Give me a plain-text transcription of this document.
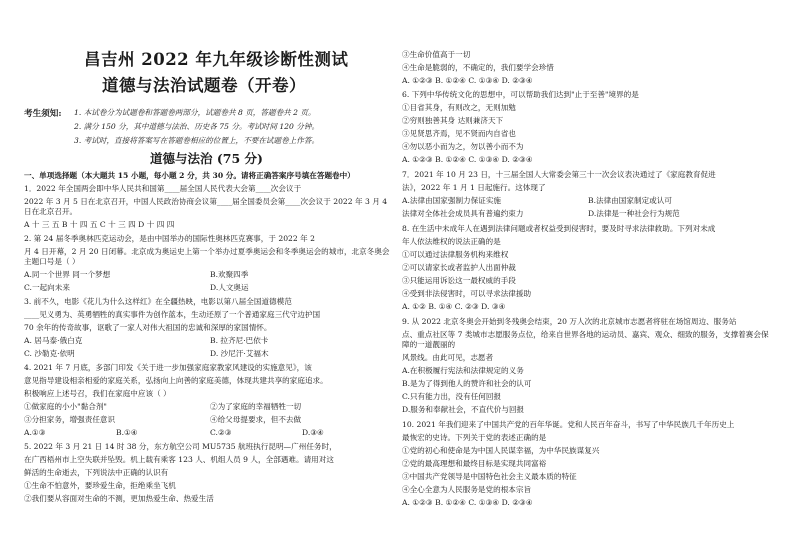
昌吉州 2022 年九年级诊断性测试
道德与法治试题卷（开卷）
考生须知: 1. 本试卷分为试题卷和答题卷两部分，试题卷共 8 页，答题卷共 2 页。
2. 满分 150 分，其中道德与法治、历史各 75 分。考试时间 120 分钟。
3. 考试时，直接将答案写在答题卷相应的位置上，不要在试题卷上作答。
道德与法治 (75 分)
一、单项选择题（本大题共 15 小题，每小题 2 分，共 30 分。请将正确答案序号填在答题卷中）
1．2022 年全国两会即中华人民共和国第____届全国人民代表大会第____次会议于
2022 年 3 月 5 日在北京召开，中国人民政治协商会议第____届全国委员会第____次会议于 2022 年 3 月 4 日在北京召开。
A 十 三 五 B 十 四 五 C 十 三 四 D 十 四 四
2. 第 24 届冬季奥林匹克运动会，是由中国举办的国际性奥林匹克赛事，于 2022 年 2
月 4 日开幕，2 月 20 日闭幕。北京成为奥运史上第一个举办过夏季奥运会和冬季奥运会的城市，北京冬奥会主题口号是（ ）
A.同一个世界 同一个梦想	B.欢聚四季
C.一起向未来	D.人文奥运
3. 前不久，电影《花儿为什么这样红》在全疆热映，电影以第八届全国道德模范
____见义勇为、英勇牺牲的真实事件为创作蓝本，生动还原了一个普通家庭三代守边护国
70 余年的传奇故事，讴歌了一家人对伟大祖国的忠诚和深厚的家国情怀。
A. 居马泰·俄白克	B. 拉齐尼·巴依卡
C. 沙勒克·依明	D. 沙尼汗·艾福木
4. 2021 年 7 月底，多部门印发《关于进一步加强家庭家教家风建设的实施意见》，该
意见指导建设相亲相爱的家庭关系，弘扬向上向善的家庭美德，体现共建共享的家庭追求。
积极响应上述号召，我们在家庭中应该（ ）
①做家庭的小小"黏合剂"	②为了家庭的幸福牺牲一切
③分担家务，增强责任意识	④给父母提要求，但不去做
A.①③	B.①④	C.②③	D.③④
5. 2022 年 3 月 21 日 14 时 38 分，东方航空公司 MU5735 航班执行昆明—广州任务时，
在广西梧州市上空失联并坠毁。机上载有乘客 123 人、机组人员 9 人，全部遇难。请用对这
鲜活的生命逝去，下列说法中正确的认识有
①生命不怕意外，要珍爱生命，拒绝乘坐飞机
②我们要从容面对生命的不测，更加热爱生命、热爱生活
③生命价值高于一切
④生命是脆弱的，不确定的，我们要学会珍惜
A. ①②③ B. ①②④ C. ①③④ D. ②③④
6. 下列中华传统文化的思想中，可以帮助我们达到"止于至善"境界的是
①目省其身，有则改之，无则加勉
②穷则独善其身 达则兼济天下
③见贤思齐焉，见不贤而内自省也
④勿以恶小而为之，勿以善小而不为
A. ①②③ B. ①②④ C. ①③④ D. ②③④
7．2021 年 10 月 23 日，十三届全国人大常委会第三十一次会议表决通过了《家庭教育促进
法》，2022 年 1 月 1 日起施行。这体现了
A.法律由国家强制力保证实施	B.法律由国家制定或认可
法律对全体社会成员具有普遍约束力	D.法律是一种社会行为规范
8. 在生活中未成年人在遇到法律问题或者权益受到侵害时，要及时寻求法律救助。下列对未成
年人依法维权的说法正确的是
①可以通过法律服务机构来维权
②可以请家长或者监护人出面仲裁
③只能运用诉讼这一最权威的手段
④受到非法侵害时，可以寻求法律援助
A. ①② B. ①④ C. ②③ D. ③④
9. 从 2022 北京冬奥会开始到冬残奥会结束，20 万人次的北京城市志愿者将驻在场馆周边、服务站
点、重点社区等 7 类城市志愿服务点位，给来自世界各地的运动员、嘉宾、观众、细致的服务，支撑着赛会保障的一道靓丽的
风景线。由此可见，志愿者
A.在积极履行宪法和法律规定的义务
B.是为了得到他人的赞许和社会的认可
C.只有能力出，没有任何回报
D.服务和奉献社会，不直代价与回报
10. 2021 年我们迎来了中国共产党的百年华诞。党和人民百年奋斗，书写了中华民族几千年历史上
最恢宏的史诗。下列关于党的表述正确的是
①党的初心和使命是为中国人民谋幸福，为中华民族谋复兴
②党的最高理想和最终目标是实现共同富裕
③中国共产党领导是中国特色社会主义最本质的特征
④全心全意为人民服务是党的根本宗旨
A. ①②③ B. ①②④ C. ①③④ D. ②③④
